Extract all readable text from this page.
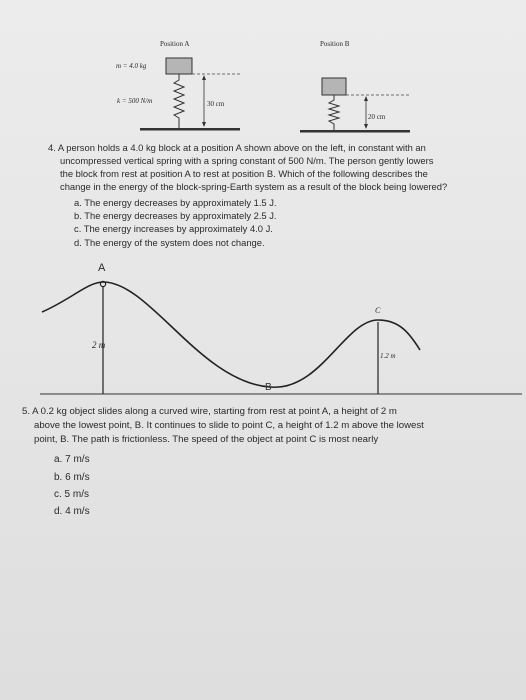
Position A	Position B
m = 4.0 kg
k = 500 N/m	30 cm
20 cm
4. A person holds a 4.0 kg block at a position A shown above on the left, in constant with an
uncompressed vertical spring with a spring constant of 500 N/m. The person gently lowers
the block from rest at position A to rest at position B. Which of the following describes the
change in the energy of the block-spring-Earth system as a result of the block being lowered?
a. The energy decreases by approximately 1.5 J.
b. The energy decreases by approximately 2.5 J.
c. The energy increases by approximately 4.0 J.
d. The energy of the system does not change.
A
2 m
B
C
1.2 m
5. A 0.2 kg object slides along a curved wire, starting from rest at point A, a height of 2 m
above the lowest point, B. It continues to slide to point C, a height of 1.2 m above the lowest
point, B. The path is frictionless. The speed of the object at point C is most nearly
a. 7 m/s
b. 6 m/s
c. 5 m/s
d. 4 m/s
